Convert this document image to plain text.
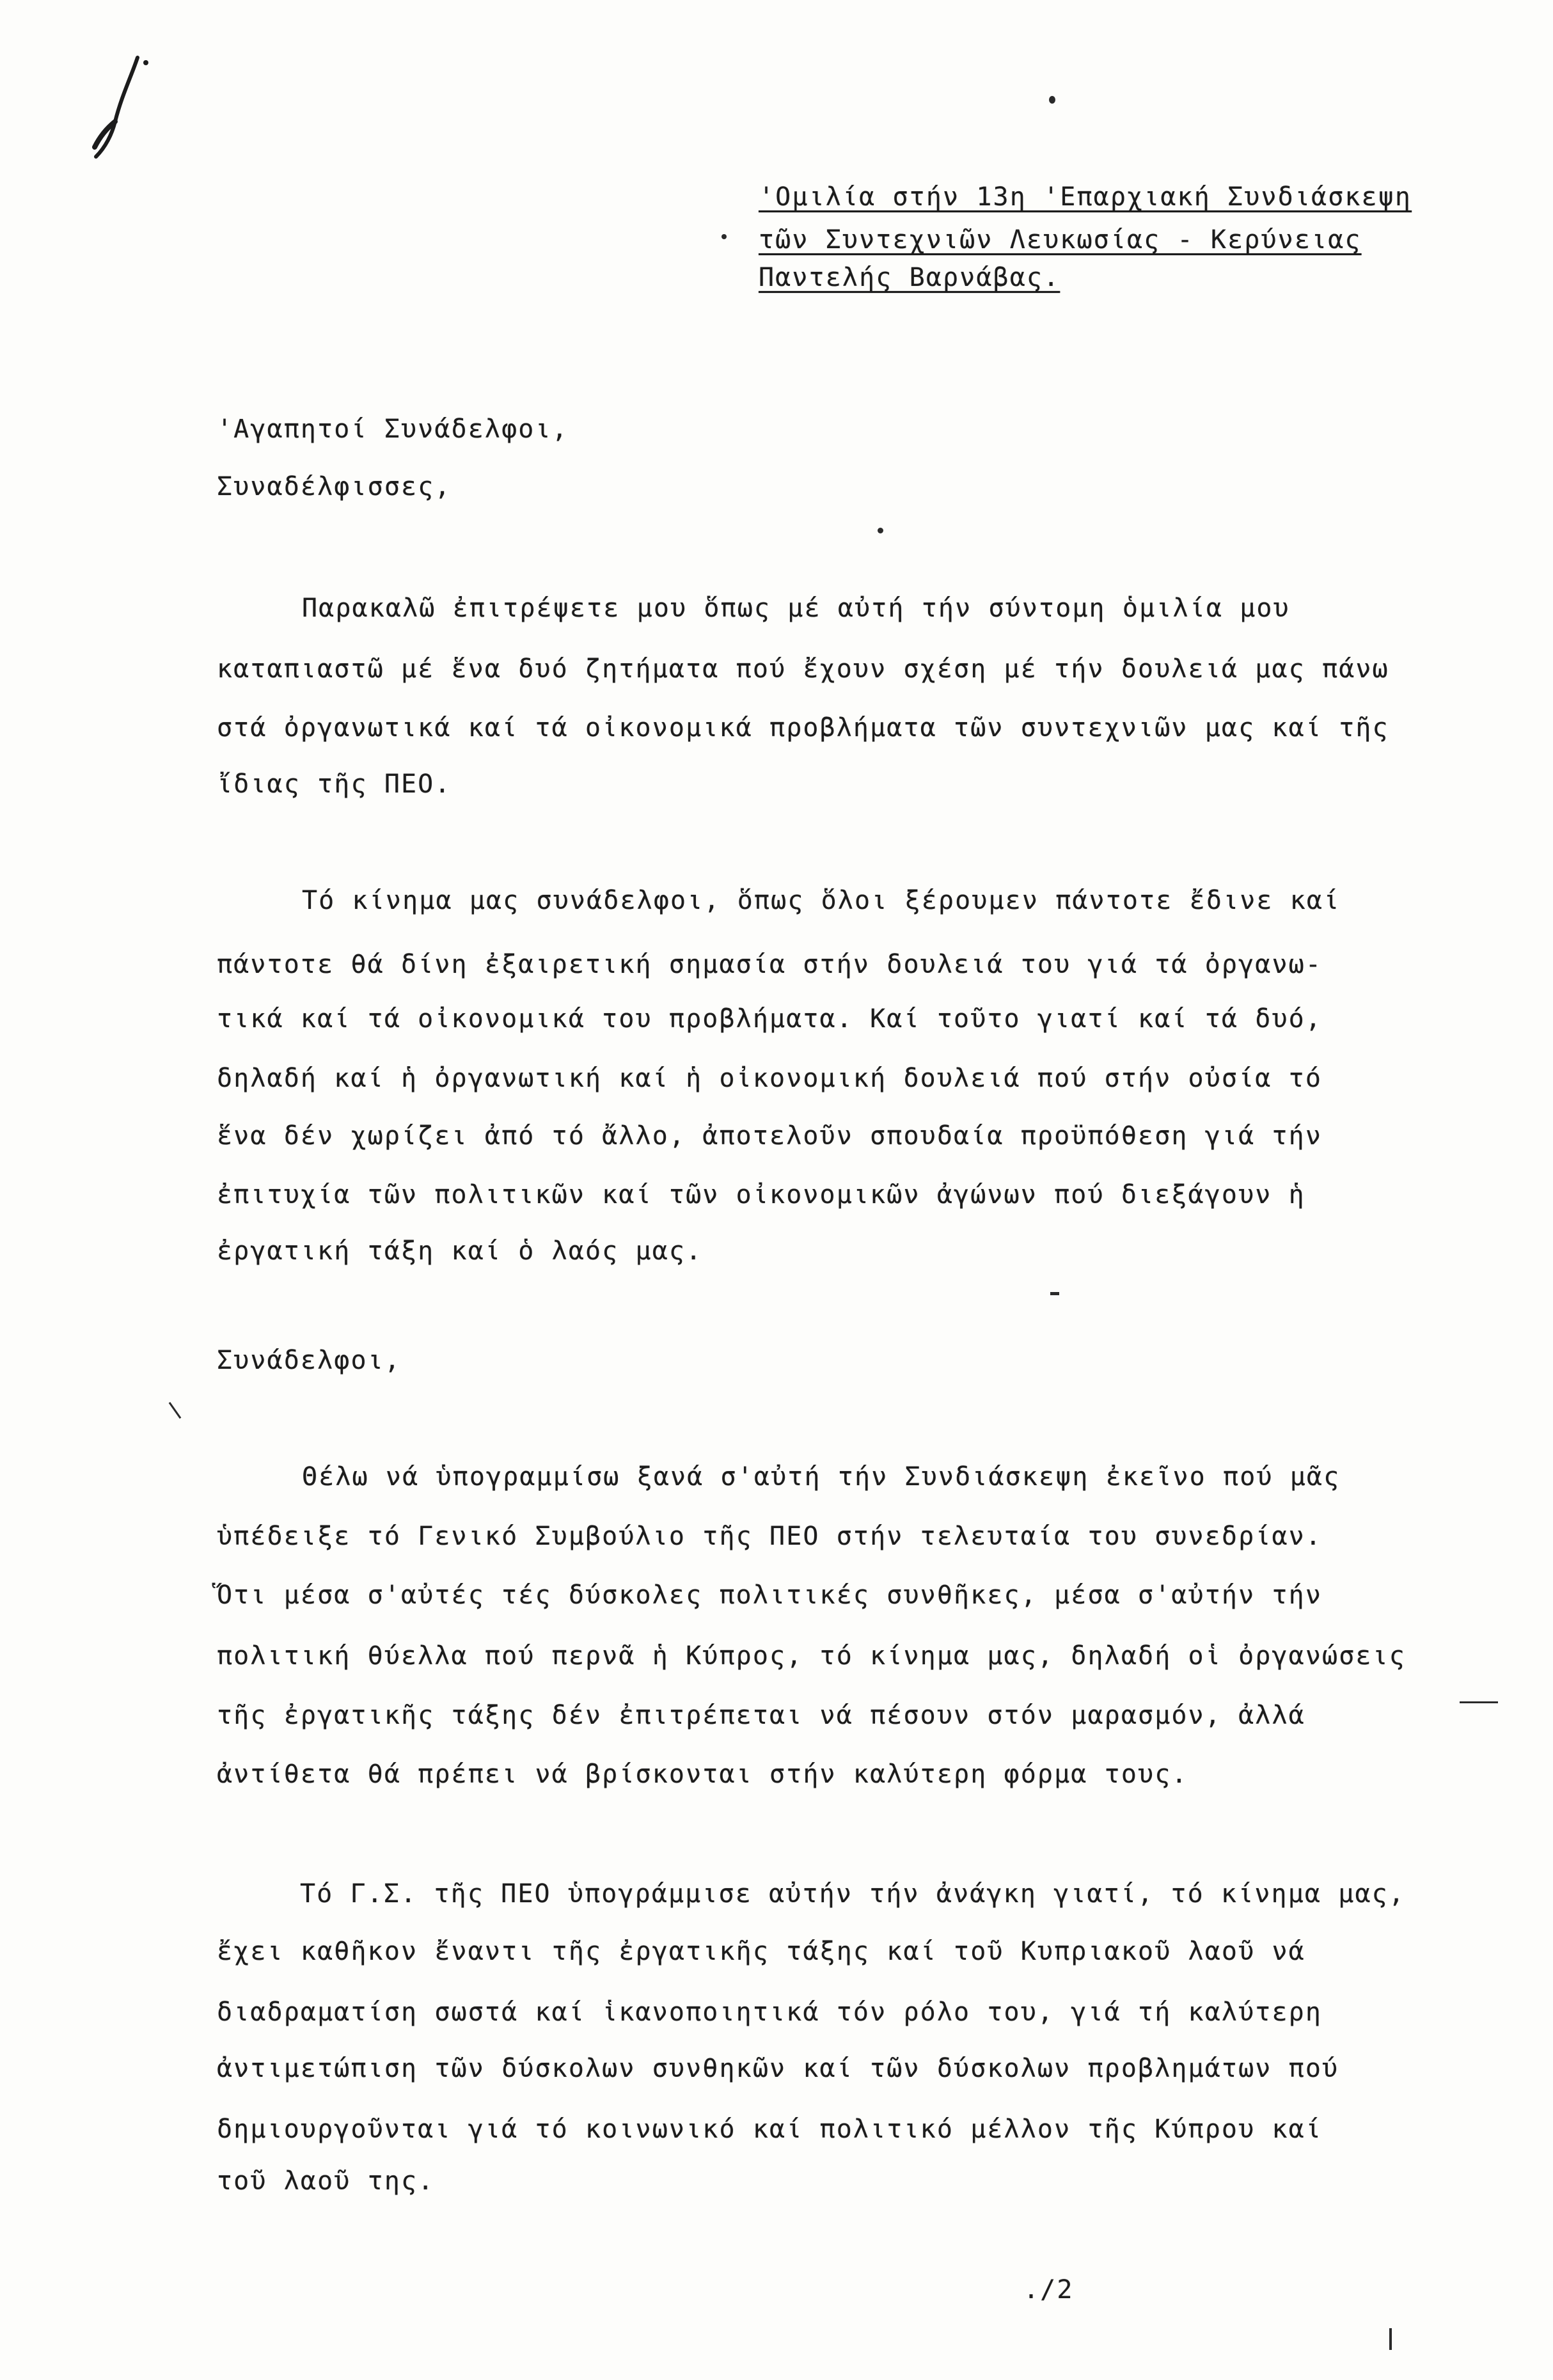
'Ομιλία στήν 13η 'Επαρχιακή Συνδιάσκεψη
τῶν Συντεχνιῶν Λευκωσίας - Κερύνειας
Παντελής Βαρνάβας.
'Αγαπητοί Συνάδελφοι,
Συναδέλφισσες,
Παρακαλῶ ἐπιτρέψετε μου ὅπως μέ αὐτή τήν σύντομη ὁμιλία μου
καταπιαστῶ μέ ἕνα δυό ζητήματα πού ἔχουν σχέση μέ τήν δουλειά μας πάνω
στά ὀργανωτικά καί τά οἰκονομικά προβλήματα τῶν συντεχνιῶν μας καί τῆς
ἴδιας τῆς ΠΕΟ.
Τό κίνημα μας συνάδελφοι, ὅπως ὅλοι ξέρουμεν πάντοτε ἔδινε καί
πάντοτε θά δίνη ἐξαιρετική σημασία στήν δουλειά του γιά τά ὀργανω-
τικά καί τά οἰκονομικά του προβλήματα. Καί τοῦτο γιατί καί τά δυό,
δηλαδή καί ἡ ὀργανωτική καί ἡ οἰκονομική δουλειά πού στήν οὐσία τό
ἕνα δέν χωρίζει ἀπό τό ἄλλο, ἀποτελοῦν σπουδαία προϋπόθεση γιά τήν
ἐπιτυχία τῶν πολιτικῶν καί τῶν οἰκονομικῶν ἀγώνων πού διεξάγουν ἡ
ἐργατική τάξη καί ὁ λαός μας.
Συνάδελφοι,
Θέλω νά ὑπογραμμίσω ξανά σ'αὐτή τήν Συνδιάσκεψη ἐκεῖνο πού μᾶς
ὑπέδειξε τό Γενικό Συμβούλιο τῆς ΠΕΟ στήν τελευταία του συνεδρίαν.
Ὅτι μέσα σ'αὐτές τές δύσκολες πολιτικές συνθῆκες, μέσα σ'αὐτήν τήν
πολιτική θύελλα πού περνᾶ ἡ Κύπρος, τό κίνημα μας, δηλαδή οἱ ὀργανώσεις
τῆς ἐργατικῆς τάξης δέν ἐπιτρέπεται νά πέσουν στόν μαρασμόν, ἀλλά
ἀντίθετα θά πρέπει νά βρίσκονται στήν καλύτερη φόρμα τους.
Τό Γ.Σ. τῆς ΠΕΟ ὑπογράμμισε αὐτήν τήν ἀνάγκη γιατί, τό κίνημα μας,
ἔχει καθῆκον ἔναντι τῆς ἐργατικῆς τάξης καί τοῦ Κυπριακοῦ λαοῦ νά
διαδραματίση σωστά καί ἱκανοποιητικά τόν ρόλο του, γιά τή καλύτερη
ἀντιμετώπιση τῶν δύσκολων συνθηκῶν καί τῶν δύσκολων προβλημάτων πού
δημιουργοῦνται γιά τό κοινωνικό καί πολιτικό μέλλον τῆς Κύπρου καί
τοῦ λαοῦ της.
./2
